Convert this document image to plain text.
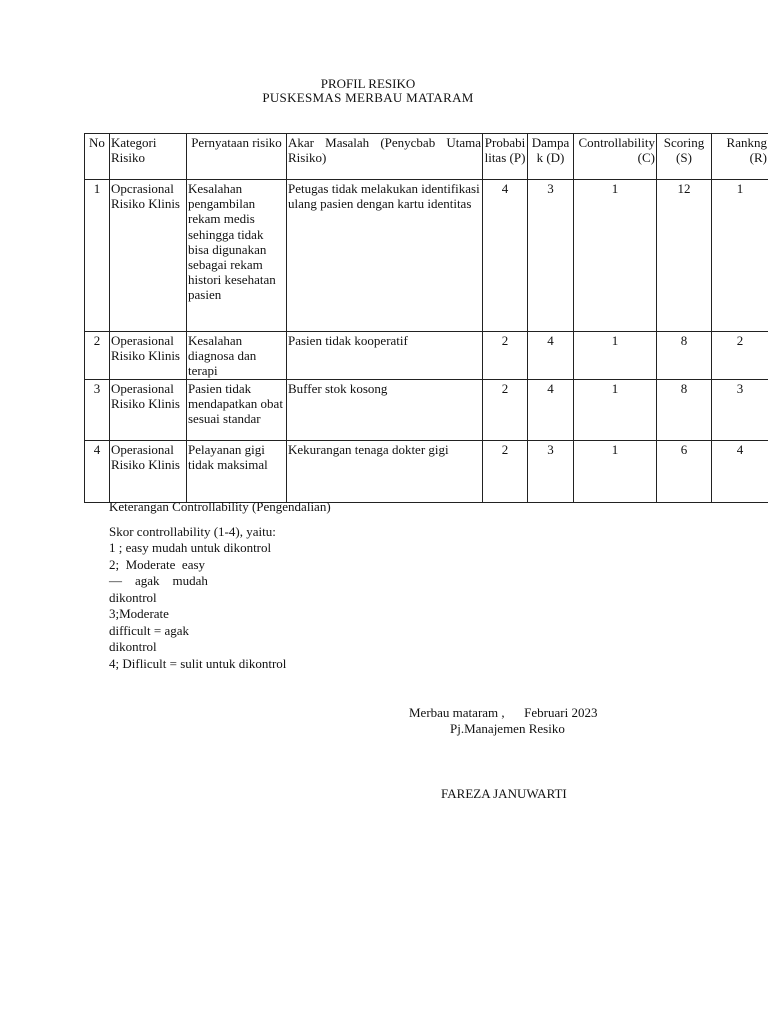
PROFIL RESIKO
PUSKESMAS MERBAU MATARAM
No	Kategori Risiko	Pernyataan risiko	Akar Masalah (Penycbab Utama Risiko)	Probabilitas (P)	Dampak (D)	Controllability (C)	Scoring (S)	Rankng (R)
1	Opcrasional Risiko Klinis	Kesalahan pengambilan rekam medis sehingga tidak bisa digunakan sebagai rekam histori kesehatan pasien	Petugas tidak melakukan identifikasi ulang pasien dengan kartu identitas	4	3	1	12	1
2	Operasional Risiko Klinis	Kesalahan diagnosa dan terapi	Pasien tidak kooperatif	2	4	1	8	2
3	Operasional Risiko Klinis	Pasien tidak mendapatkan obat sesuai standar	Buffer stok kosong	2	4	1	8	3
4	Operasional Risiko Klinis	Pelayanan gigi tidak maksimal	Kekurangan tenaga dokter gigi	2	3	1	6	4
Keterangan Controllability (Pengendalian)
Skor controllability (1-4), yaitu:
1 ; easy mudah untuk dikontrol
2;  Moderate  easy
—    agak    mudah
dikontrol
3;Moderate
difficult = agak
dikontrol
4; Diflicult = sulit untuk dikontrol
Merbau mataram ,      Februari 2023
Pj.Manajemen Resiko
FAREZA JANUWARTI
